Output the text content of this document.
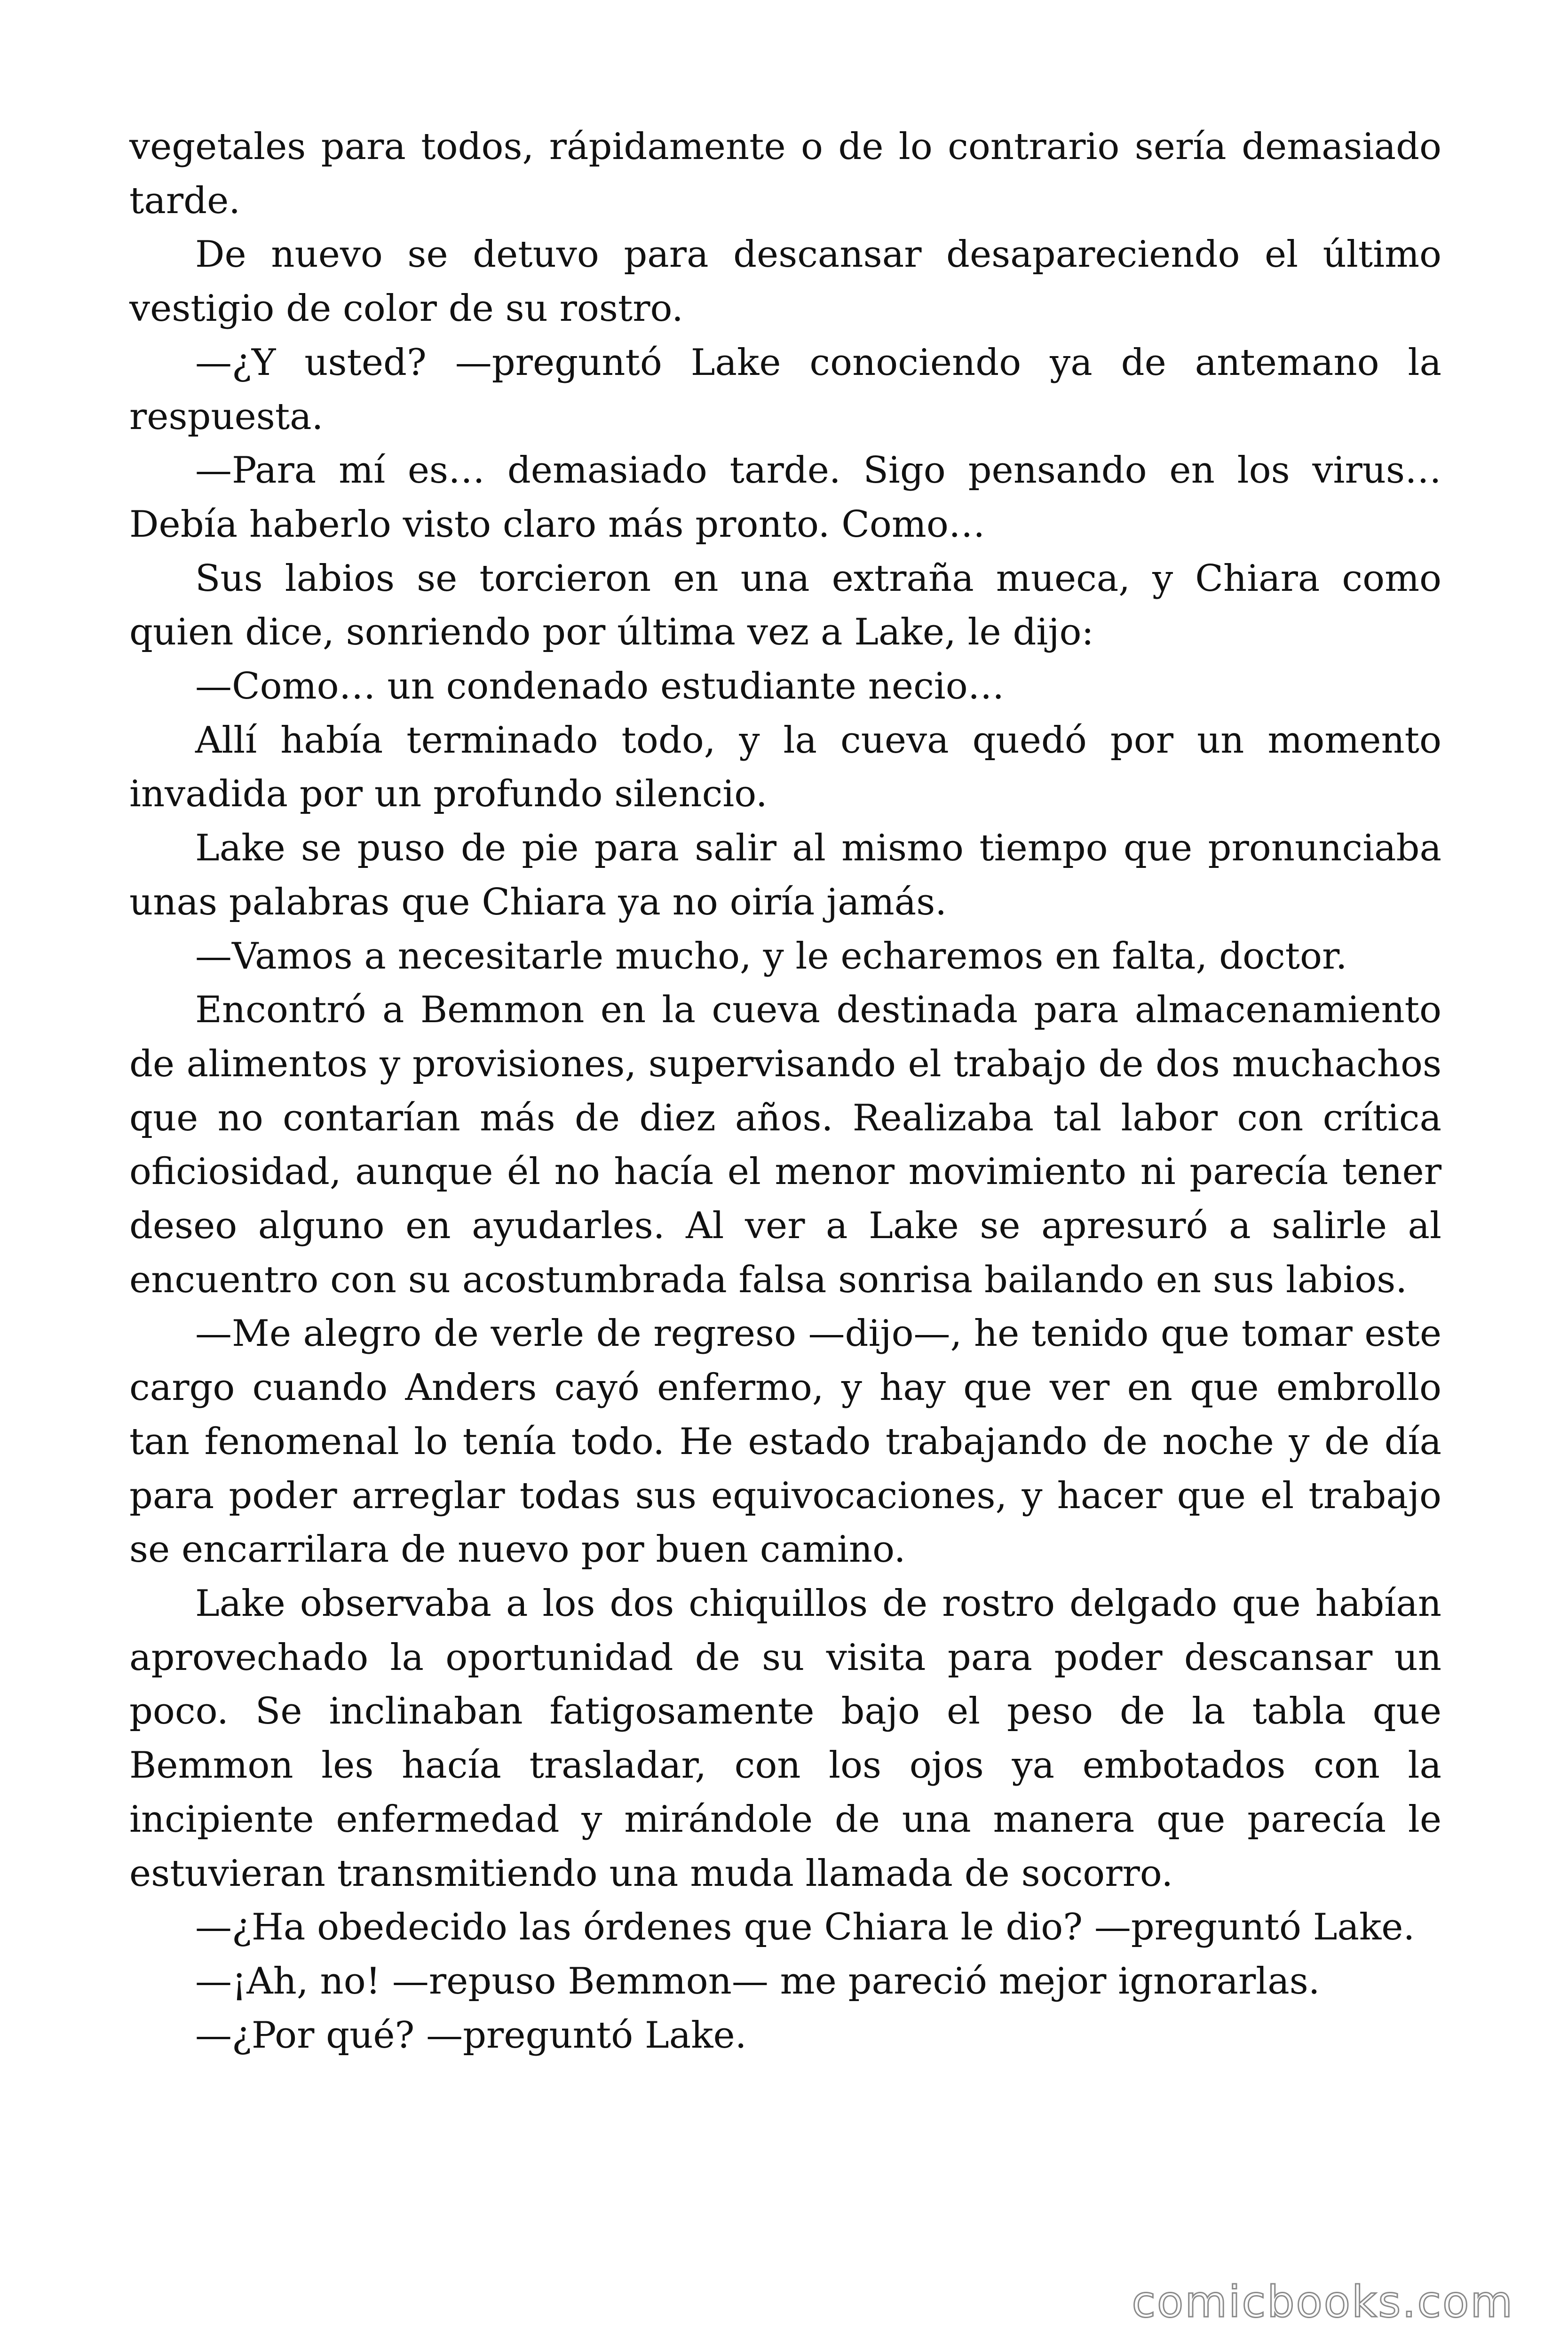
vegetales para todos, rápidamente o de lo contrario sería demasiado tarde.

De nuevo se detuvo para descansar desapareciendo el último vestigio de color de su rostro.

—¿Y usted? —preguntó Lake conociendo ya de antemano la respuesta.

—Para mí es… demasiado tarde. Sigo pensando en los virus… Debía haberlo visto claro más pronto. Como…

Sus labios se torcieron en una extraña mueca, y Chiara como quien dice, sonriendo por última vez a Lake, le dijo:

—Como… un condenado estudiante necio…

Allí había terminado todo, y la cueva quedó por un momento invadida por un profundo silencio.

Lake se puso de pie para salir al mismo tiempo que pronunciaba unas palabras que Chiara ya no oiría jamás.

—Vamos a necesitarle mucho, y le echaremos en falta, doctor.

Encontró a Bemmon en la cueva destinada para almacenamiento de alimentos y provisiones, supervisando el trabajo de dos muchachos que no contarían más de diez años. Realizaba tal labor con crítica oficiosidad, aunque él no hacía el menor movimiento ni parecía tener deseo alguno en ayudarles. Al ver a Lake se apresuró a salirle al encuentro con su acostumbrada falsa sonrisa bailando en sus labios.

—Me alegro de verle de regreso —dijo—, he tenido que tomar este cargo cuando Anders cayó enfermo, y hay que ver en que embrollo tan fenomenal lo tenía todo. He estado trabajando de noche y de día para poder arreglar todas sus equivocaciones, y hacer que el trabajo se encarrilara de nuevo por buen camino.

Lake observaba a los dos chiquillos de rostro delgado que habían aprovechado la oportunidad de su visita para poder descansar un poco. Se inclinaban fatigosamente bajo el peso de la tabla que Bemmon les hacía trasladar, con los ojos ya embotados con la incipiente enfermedad y mirándole de una manera que parecía le estuvieran transmitiendo una muda llamada de socorro.

—¿Ha obedecido las órdenes que Chiara le dio? —preguntó Lake.

—¡Ah, no! —repuso Bemmon— me pareció mejor ignorarlas.

—¿Por qué? —preguntó Lake.

comicbooks.com
